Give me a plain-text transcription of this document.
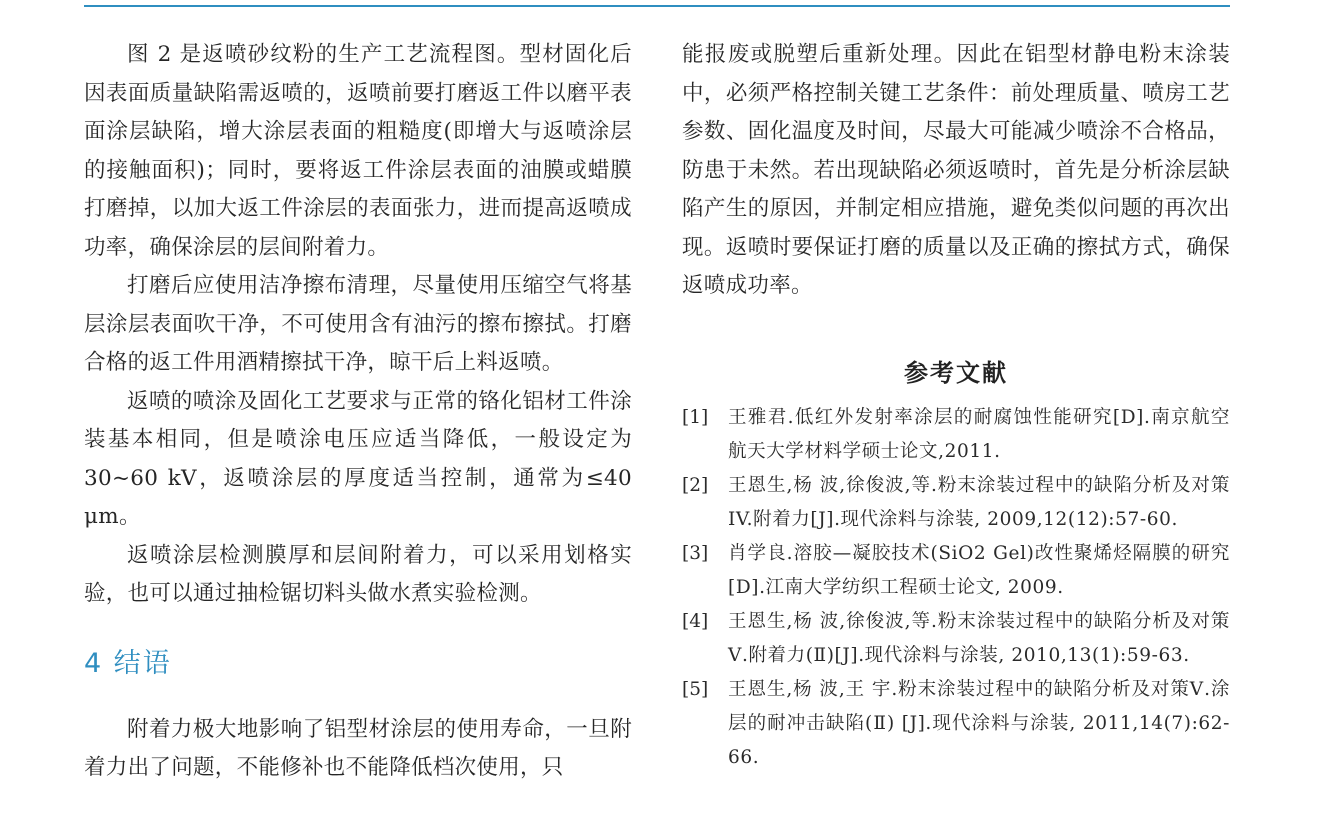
图 2 是返喷砂纹粉的生产工艺流程图。型材固化后因表面质量缺陷需返喷的，返喷前要打磨返工件以磨平表面涂层缺陷，增大涂层表面的粗糙度(即增大与返喷涂层的接触面积)；同时，要将返工件涂层表面的油膜或蜡膜打磨掉，以加大返工件涂层的表面张力，进而提高返喷成功率，确保涂层的层间附着力。

打磨后应使用洁净擦布清理，尽量使用压缩空气将基层涂层表面吹干净，不可使用含有油污的擦布擦拭。打磨合格的返工件用酒精擦拭干净，晾干后上料返喷。

返喷的喷涂及固化工艺要求与正常的铬化铝材工件涂装基本相同，但是喷涂电压应适当降低，一般设定为 30~60 kV，返喷涂层的厚度适当控制，通常为≤40 μm。

返喷涂层检测膜厚和层间附着力，可以采用划格实验，也可以通过抽检锯切料头做水煮实验检测。

4 结语

附着力极大地影响了铝型材涂层的使用寿命，一旦附着力出了问题，不能修补也不能降低档次使用，只

能报废或脱塑后重新处理。因此在铝型材静电粉末涂装中，必须严格控制关键工艺条件：前处理质量、喷房工艺参数、固化温度及时间，尽最大可能减少喷涂不合格品，防患于未然。若出现缺陷必须返喷时，首先是分析涂层缺陷产生的原因，并制定相应措施，避免类似问题的再次出现。返喷时要保证打磨的质量以及正确的擦拭方式，确保返喷成功率。

参考文献
[1]	王雅君.低红外发射率涂层的耐腐蚀性能研究[D].南京航空航天大学材料学硕士论文,2011.
[2]	王恩生,杨 波,徐俊波,等.粉末涂装过程中的缺陷分析及对策 IV.附着力[J].现代涂料与涂装, 2009,12(12):57-60.
[3]	肖学良.溶胶—凝胶技术(SiO2 Gel)改性聚烯烃隔膜的研究[D].江南大学纺织工程硕士论文, 2009.
[4]	王恩生,杨 波,徐俊波,等.粉末涂装过程中的缺陷分析及对策Ⅴ.附着力(Ⅱ)[J].现代涂料与涂装, 2010,13(1):59-63.
[5]	王恩生,杨 波,王 宇.粉末涂装过程中的缺陷分析及对策Ⅴ.涂层的耐冲击缺陷(Ⅱ) [J].现代涂料与涂装, 2011,14(7):62-66.
